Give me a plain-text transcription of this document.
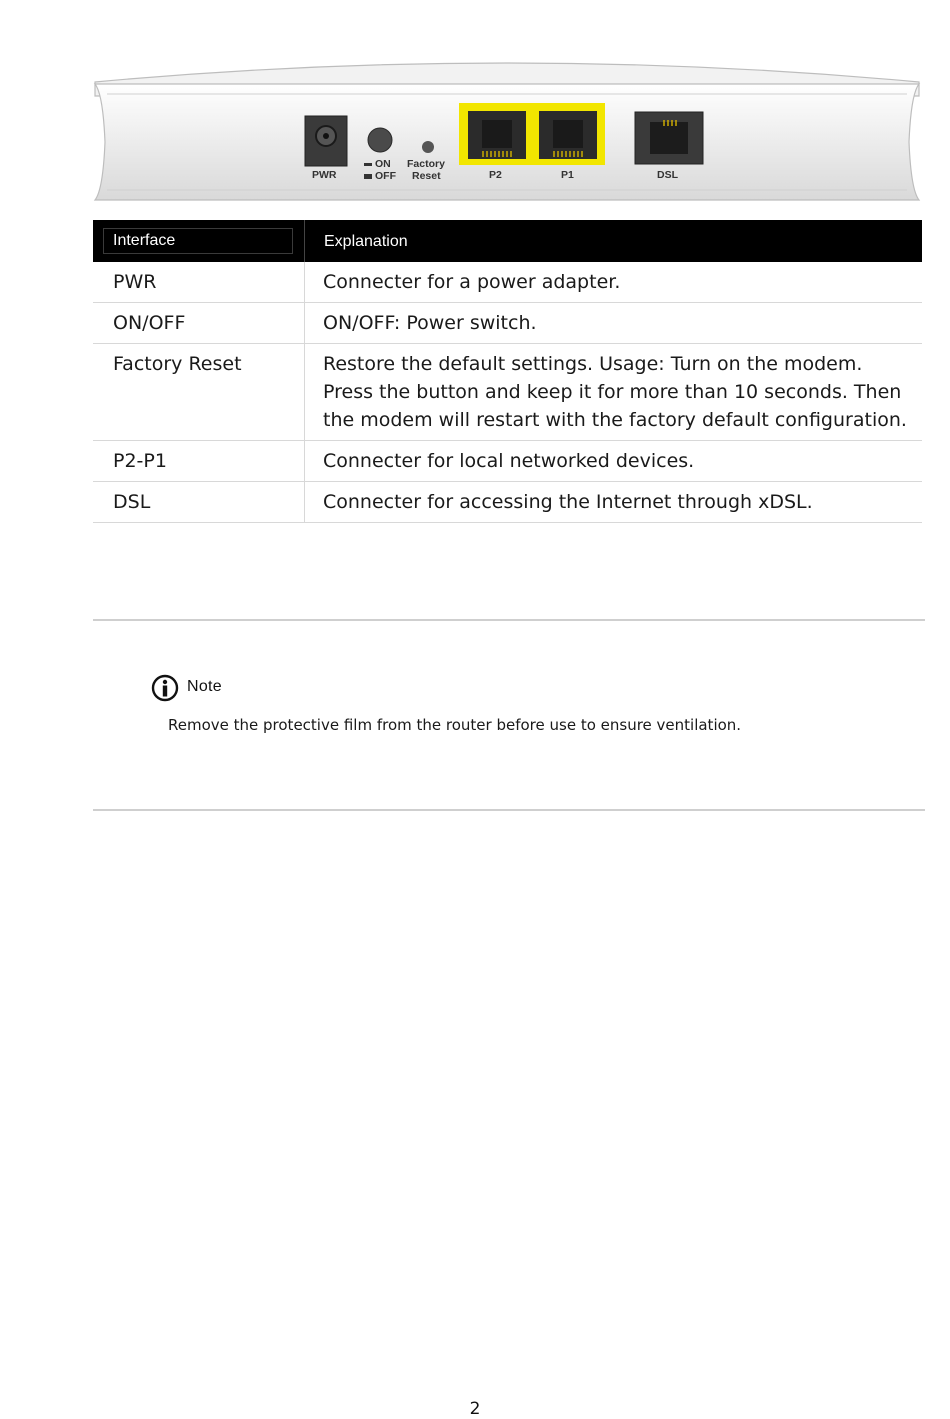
PWR
ON
OFF
Factory
Reset	P2	P1	DSL
Interface	Explanation
PWR	Connecter for a power adapter.
ON/OFF	ON/OFF: Power switch.
Factory Reset	Restore the default settings. Usage: Turn on the modem. Press the button and keep it for more than 10 seconds. Then the modem will restart with the factory default configuration.
P2-P1	Connecter for local networked devices.
DSL	Connecter for accessing the Internet through xDSL.
Note
Remove the protective film from the router before use to ensure ventilation.
2
